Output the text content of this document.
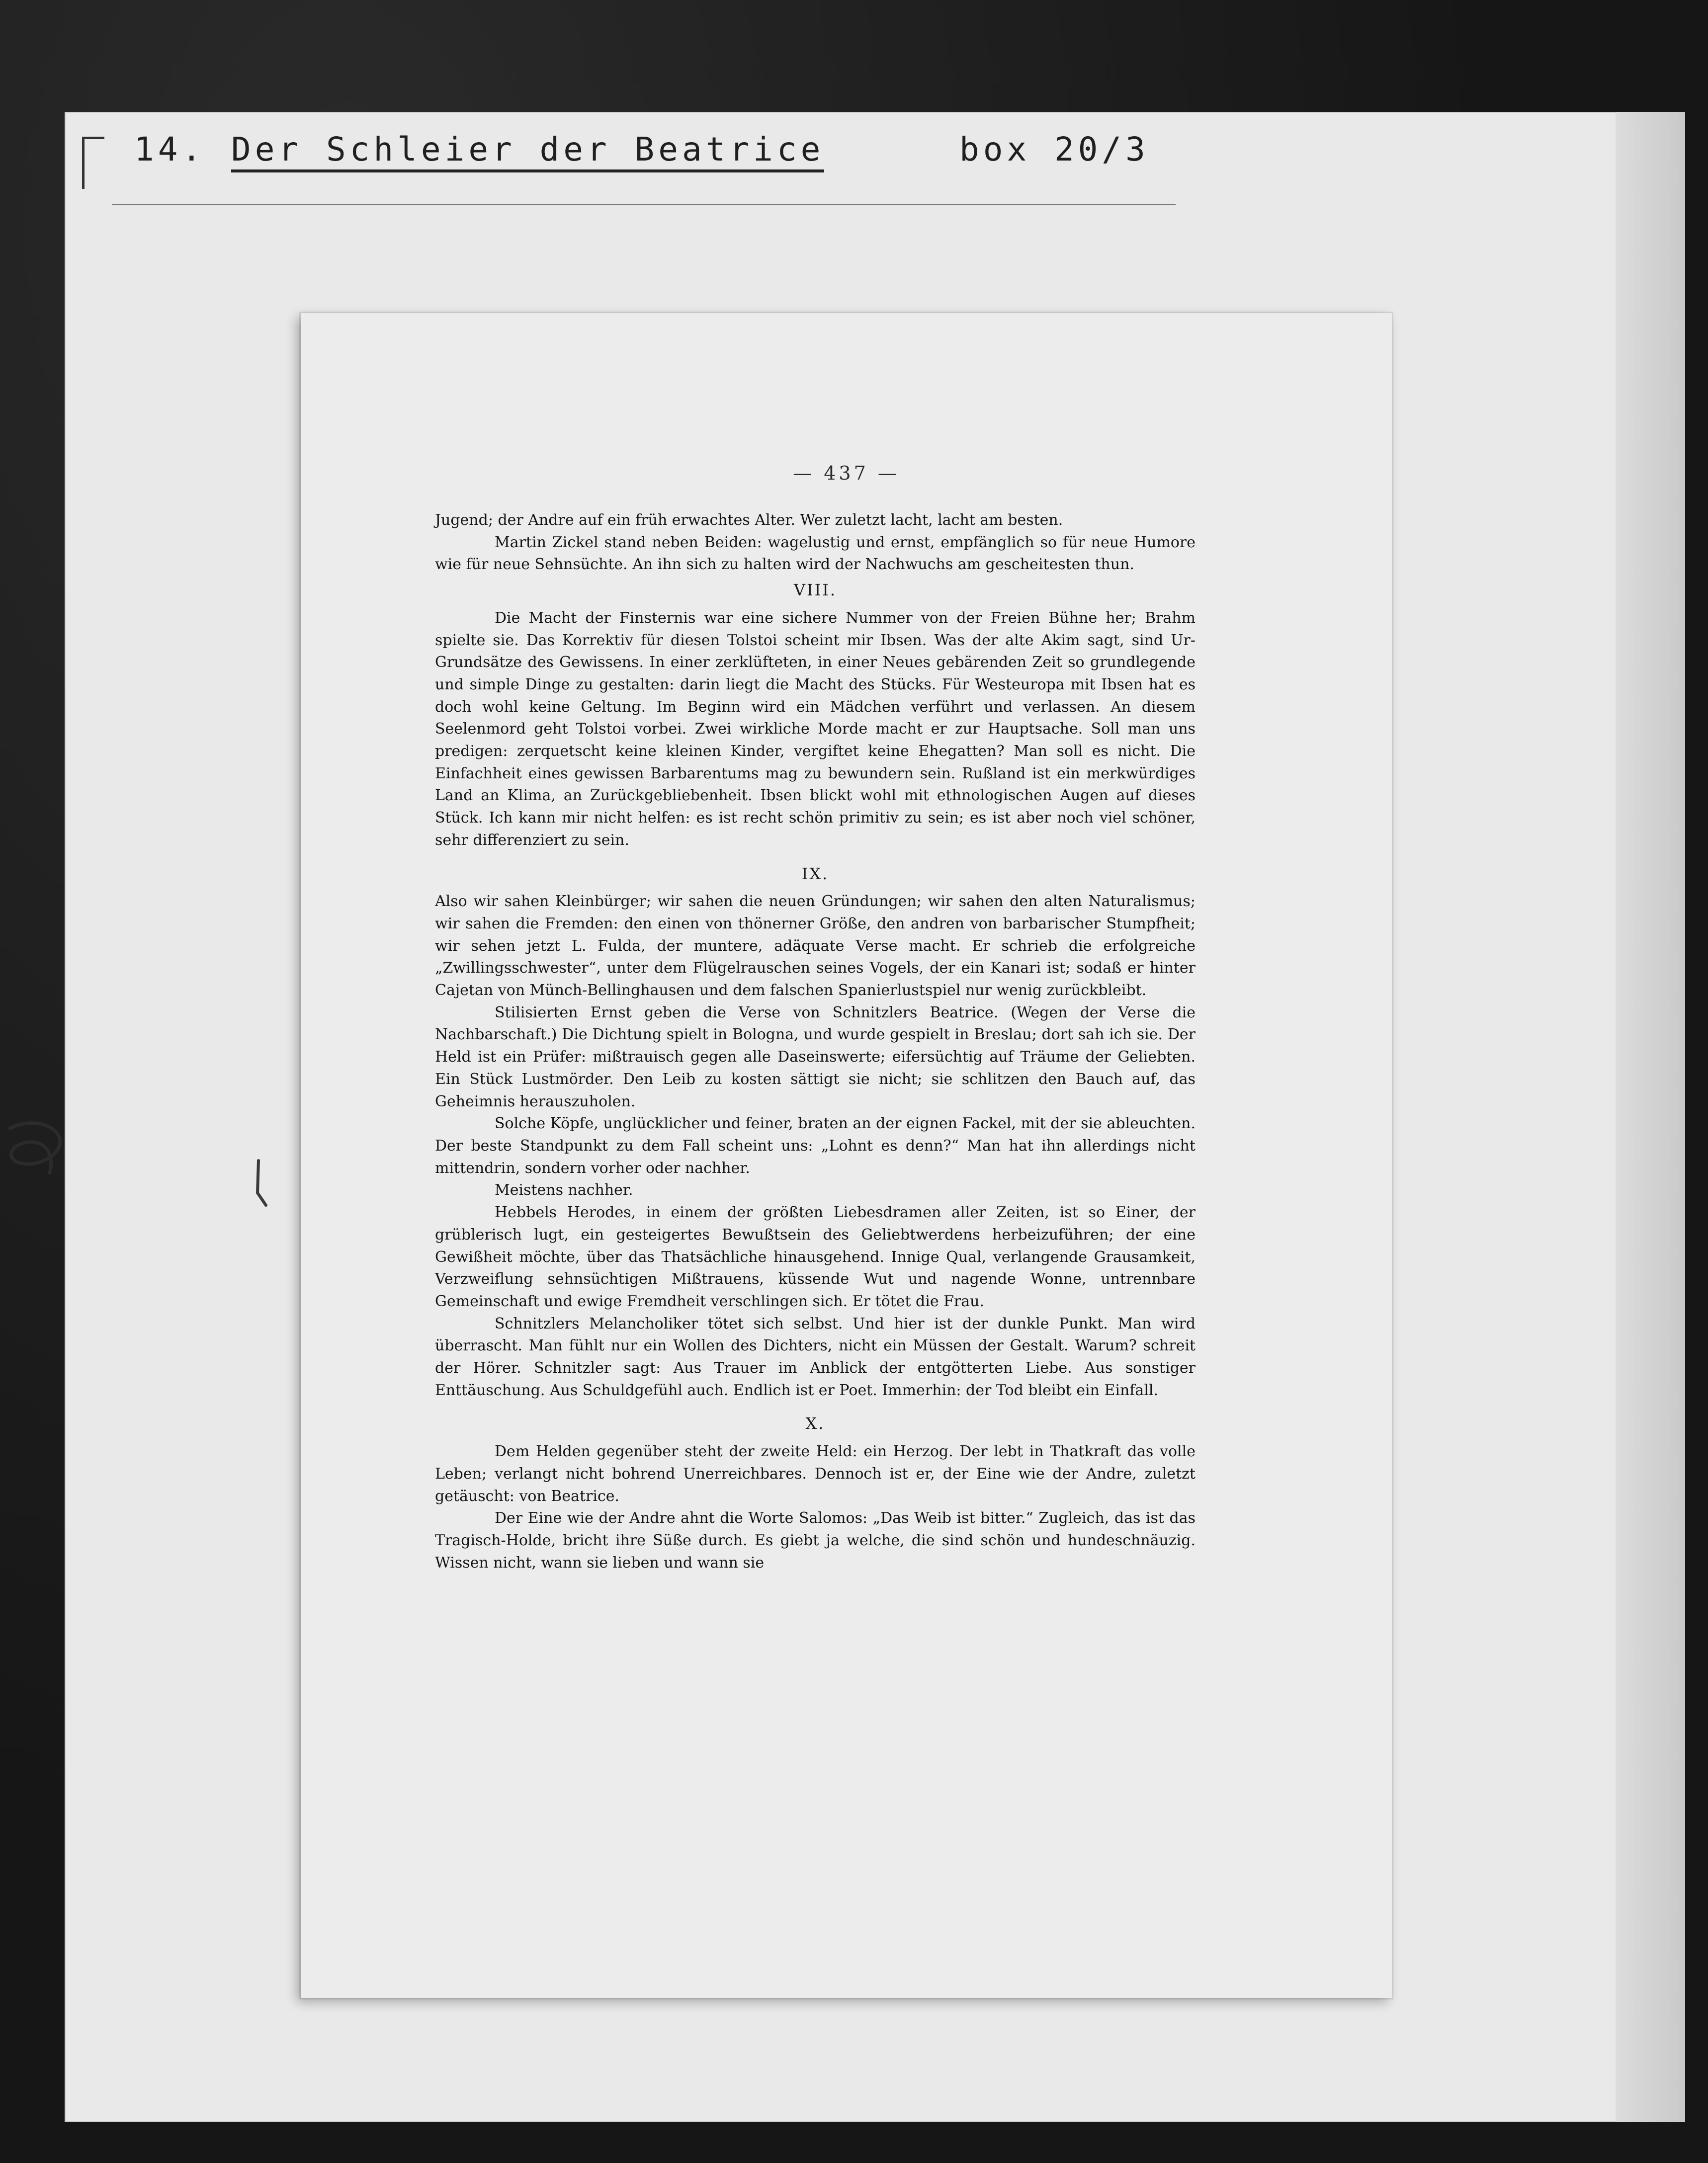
14. Der Schleier der Beatrice	box 20/3
— 437 —

Jugend; der Andre auf ein früh erwachtes Alter. Wer zuletzt lacht, lacht am besten.

Martin Zickel stand neben Beiden: wagelustig und ernst, empfänglich so für neue Humore wie für neue Sehnsüchte. An ihn sich zu halten wird der Nachwuchs am gescheitesten thun.

VIII.

Die Macht der Finsternis war eine sichere Nummer von der Freien Bühne her; Brahm spielte sie. Das Korrektiv für diesen Tolstoi scheint mir Ibsen. Was der alte Akim sagt, sind Ur-Grundsätze des Gewissens. In einer zerklüfteten, in einer Neues gebärenden Zeit so grundlegende und simple Dinge zu gestalten: darin liegt die Macht des Stücks. Für Westeuropa mit Ibsen hat es doch wohl keine Geltung. Im Beginn wird ein Mädchen verführt und verlassen. An diesem Seelenmord geht Tolstoi vorbei. Zwei wirkliche Morde macht er zur Hauptsache. Soll man uns predigen: zerquetscht keine kleinen Kinder, vergiftet keine Ehegatten? Man soll es nicht. Die Einfachheit eines gewissen Barbarentums mag zu bewundern sein. Rußland ist ein merkwürdiges Land an Klima, an Zurückgebliebenheit. Ibsen blickt wohl mit ethnologischen Augen auf dieses Stück. Ich kann mir nicht helfen: es ist recht schön primitiv zu sein; es ist aber noch viel schöner, sehr differenziert zu sein.

IX.

Also wir sahen Kleinbürger; wir sahen die neuen Gründungen; wir sahen den alten Naturalismus; wir sahen die Fremden: den einen von thönerner Größe, den andren von barbarischer Stumpfheit; wir sehen jetzt L. Fulda, der muntere, adäquate Verse macht. Er schrieb die erfolgreiche „Zwillingsschwester“, unter dem Flügelrauschen seines Vogels, der ein Kanari ist; sodaß er hinter Cajetan von Münch-Bellinghausen und dem falschen Spanierlustspiel nur wenig zurückbleibt.

Stilisierten Ernst geben die Verse von Schnitzlers Beatrice. (Wegen der Verse die Nachbarschaft.) Die Dichtung spielt in Bologna, und wurde gespielt in Breslau; dort sah ich sie. Der Held ist ein Prüfer: mißtrauisch gegen alle Daseinswerte; eifersüchtig auf Träume der Geliebten. Ein Stück Lustmörder. Den Leib zu kosten sättigt sie nicht; sie schlitzen den Bauch auf, das Geheimnis herauszuholen.

Solche Köpfe, unglücklicher und feiner, braten an der eignen Fackel, mit der sie ableuchten. Der beste Standpunkt zu dem Fall scheint uns: „Lohnt es denn?“ Man hat ihn allerdings nicht mittendrin, sondern vorher oder nachher.

Meistens nachher.

Hebbels Herodes, in einem der größten Liebesdramen aller Zeiten, ist so Einer, der grüblerisch lugt, ein gesteigertes Bewußtsein des Geliebtwerdens herbeizuführen; der eine Gewißheit möchte, über das Thatsächliche hinausgehend. Innige Qual, verlangende Grausamkeit, Verzweiflung sehnsüchtigen Mißtrauens, küssende Wut und nagende Wonne, untrennbare Gemeinschaft und ewige Fremdheit verschlingen sich. Er tötet die Frau.

Schnitzlers Melancholiker tötet sich selbst. Und hier ist der dunkle Punkt. Man wird überrascht. Man fühlt nur ein Wollen des Dichters, nicht ein Müssen der Gestalt. Warum? schreit der Hörer. Schnitzler sagt: Aus Trauer im Anblick der entgötterten Liebe. Aus sonstiger Enttäuschung. Aus Schuldgefühl auch. Endlich ist er Poet. Immerhin: der Tod bleibt ein Einfall.

X.

Dem Helden gegenüber steht der zweite Held: ein Herzog. Der lebt in Thatkraft das volle Leben; verlangt nicht bohrend Unerreichbares. Dennoch ist er, der Eine wie der Andre, zuletzt getäuscht: von Beatrice.

Der Eine wie der Andre ahnt die Worte Salomos: „Das Weib ist bitter.“ Zugleich, das ist das Tragisch-Holde, bricht ihre Süße durch. Es giebt ja welche, die sind schön und hundeschnäuzig. Wissen nicht, wann sie lieben und wann sie
